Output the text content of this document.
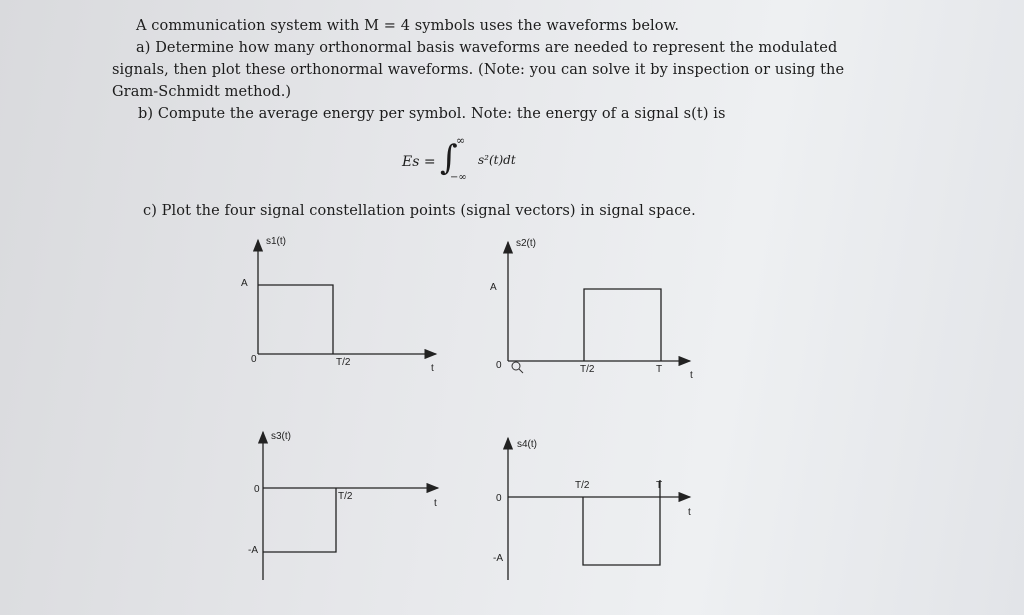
A communication system with M = 4 symbols uses the waveforms below.
a) Determine how many orthonormal basis waveforms are needed to represent the modulated
signals, then plot these orthonormal waveforms. (Note: you can solve it by inspection or using the
Gram-Schmidt method.)
b) Compute the average energy per symbol. Note: the energy of a signal s(t) is
Es = ∫
∞
−∞
s²(t)dt
c) Plot the four signal constellation points (signal vectors) in signal space.
s1(t)
A
0	T/2
t
s2(t)
A
0	T/2	T
t
s3(t)
0
T/2
t
-A
s4(t)
T/2	T
0
t
-A
